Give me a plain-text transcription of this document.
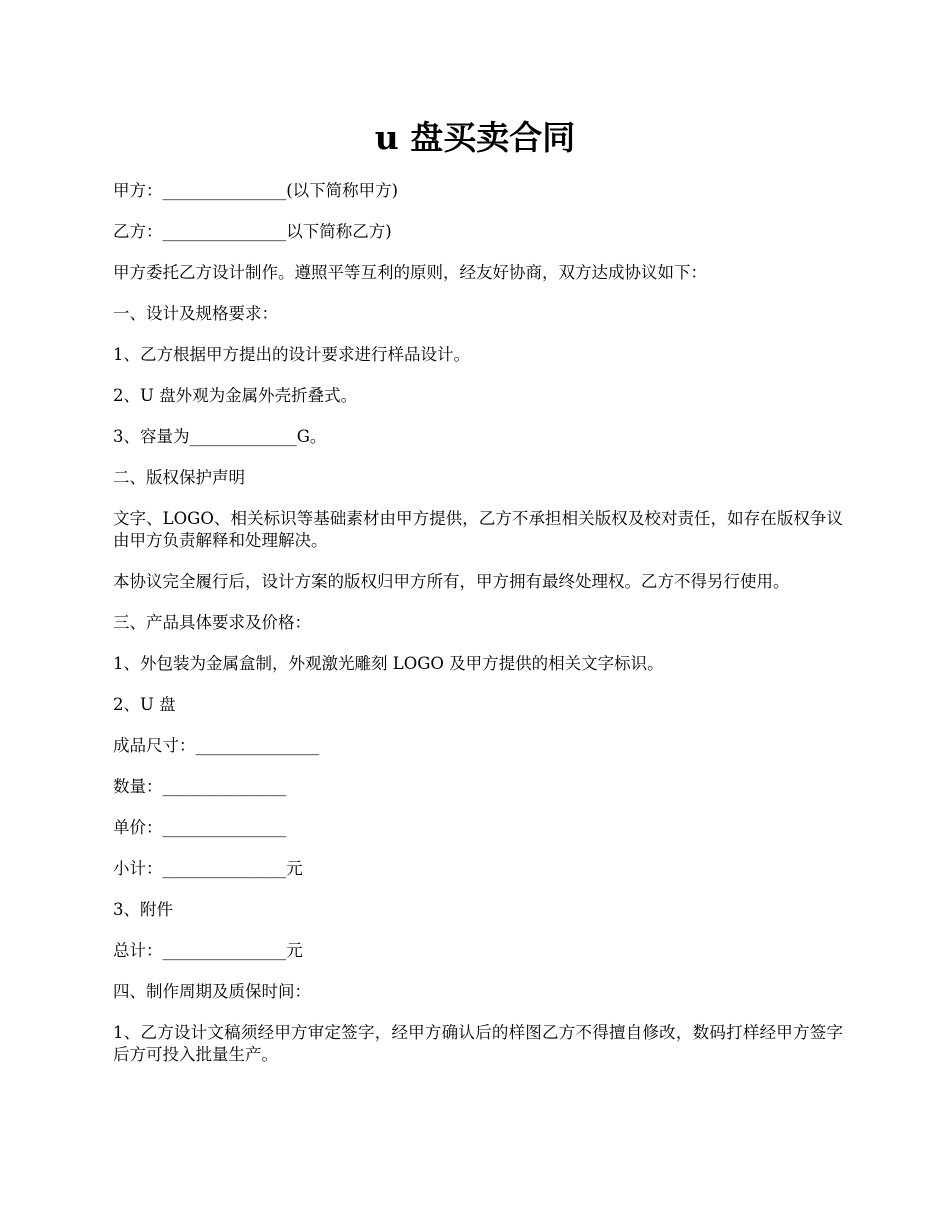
u 盘买卖合同

甲方：_______________(以下简称甲方)

乙方：_______________以下简称乙方)

甲方委托乙方设计制作。遵照平等互利的原则，经友好协商，双方达成协议如下：

一、设计及规格要求：

1、乙方根据甲方提出的设计要求进行样品设计。

2、U 盘外观为金属外壳折叠式。

3、容量为_____________G。

二、版权保护声明

文字、LOGO、相关标识等基础素材由甲方提供，乙方不承担相关版权及校对责任，如存在版权争议由甲方负责解释和处理解决。

本协议完全履行后，设计方案的版权归甲方所有，甲方拥有最终处理权。乙方不得另行使用。

三、产品具体要求及价格：

1、外包装为金属盒制，外观激光雕刻 LOGO 及甲方提供的相关文字标识。

2、U 盘

成品尺寸：_______________

数量：_______________

单价：_______________

小计：_______________元

3、附件

总计：_______________元

四、制作周期及质保时间：

1、乙方设计文稿须经甲方审定签字，经甲方确认后的样图乙方不得擅自修改，数码打样经甲方签字后方可投入批量生产。
